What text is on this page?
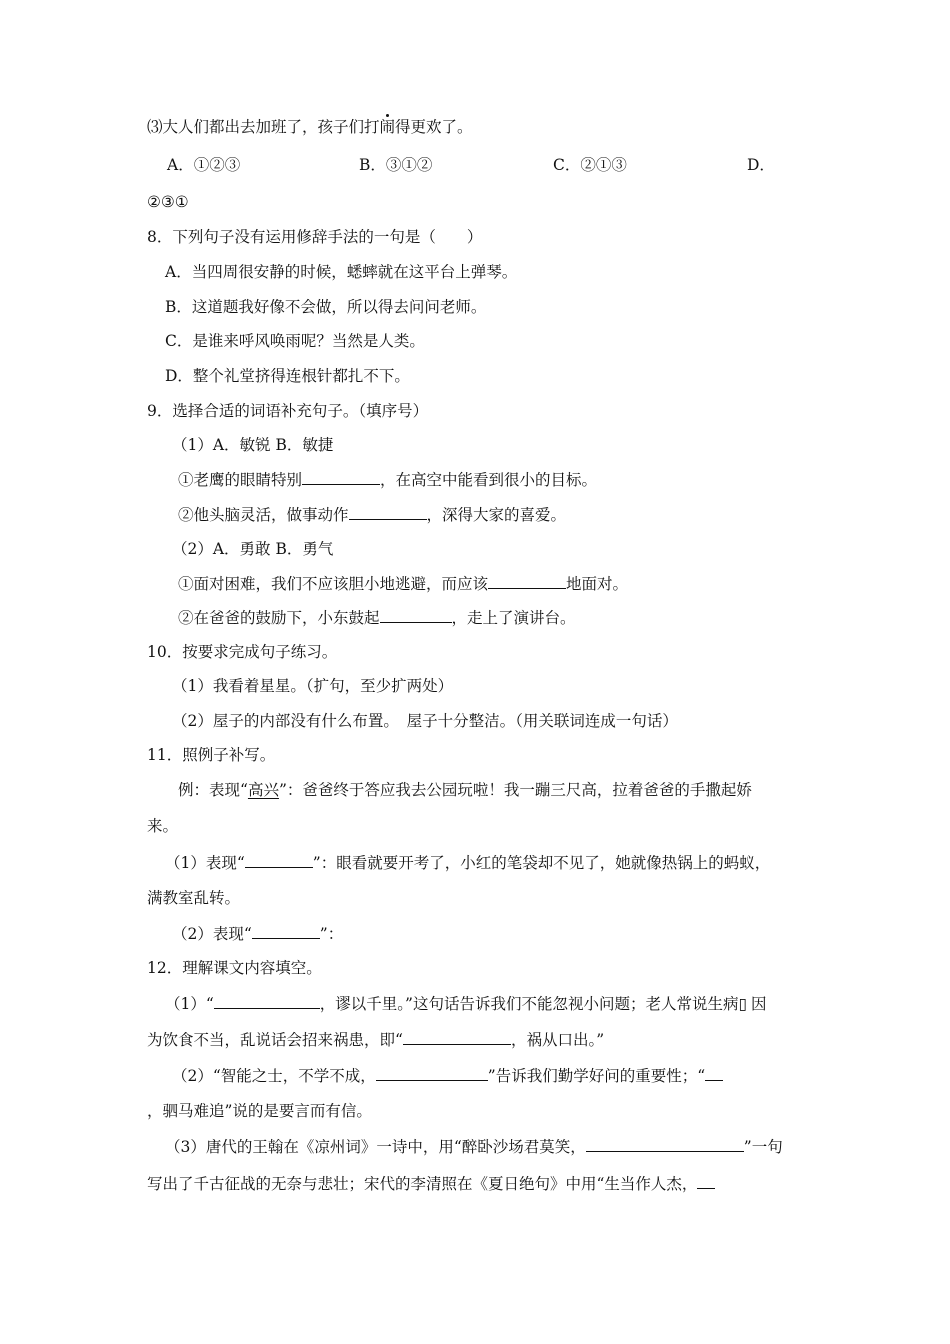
⑶大人们都出去加班了，孩子们打闹得更欢了。
A．①②③	B．③①②	C．②①③	D．
②③①
8．下列句子没有运用修辞手法的一句是（　　）
A．当四周很安静的时候，蟋蟀就在这平台上弹琴。
B．这道题我好像不会做，所以得去问问老师。
C．是谁来呼风唤雨呢？当然是人类。
D．整个礼堂挤得连根针都扎不下。
9．选择合适的词语补充句子。（填序号）
（1）A．敏锐 B．敏捷
①老鹰的眼睛特别	，在高空中能看到很小的目标。
②他头脑灵活，做事动作	，深得大家的喜爱。
（2）A．勇敢 B．勇气
①面对困难，我们不应该胆小地逃避，而应该	地面对。
②在爸爸的鼓励下，小东鼓起	，走上了演讲台。
10．按要求完成句子练习。
（1）我看着星星。（扩句，至少扩两处）
（2）屋子的内部没有什么布置。　屋子十分整洁。（用关联词连成一句话）
11．照例子补写。
例：表现“高兴”：爸爸终于答应我去公园玩啦！我一蹦三尺高，拉着爸爸的手撒起娇
来。
（1）表现“	”：眼看就要开考了，小红的笔袋却不见了，她就像热锅上的蚂蚁，
满教室乱转。
（2）表现“	”：
12．理解课文内容填空。
（1）“	，谬以千里。”这句话告诉我们不能忽视小问题；老人常说生病▯ 因
为饮食不当，乱说话会招来祸患，即“	，祸从口出。”
（2）“智能之士，不学不成，	”告诉我们勤学好问的重要性；“
，驷马难追”说的是要言而有信。
（3）唐代的王翰在《凉州词》一诗中，用“醉卧沙场君莫笑，	”一句
写出了千古征战的无奈与悲壮；宋代的李清照在《夏日绝句》中用“生当作人杰，
